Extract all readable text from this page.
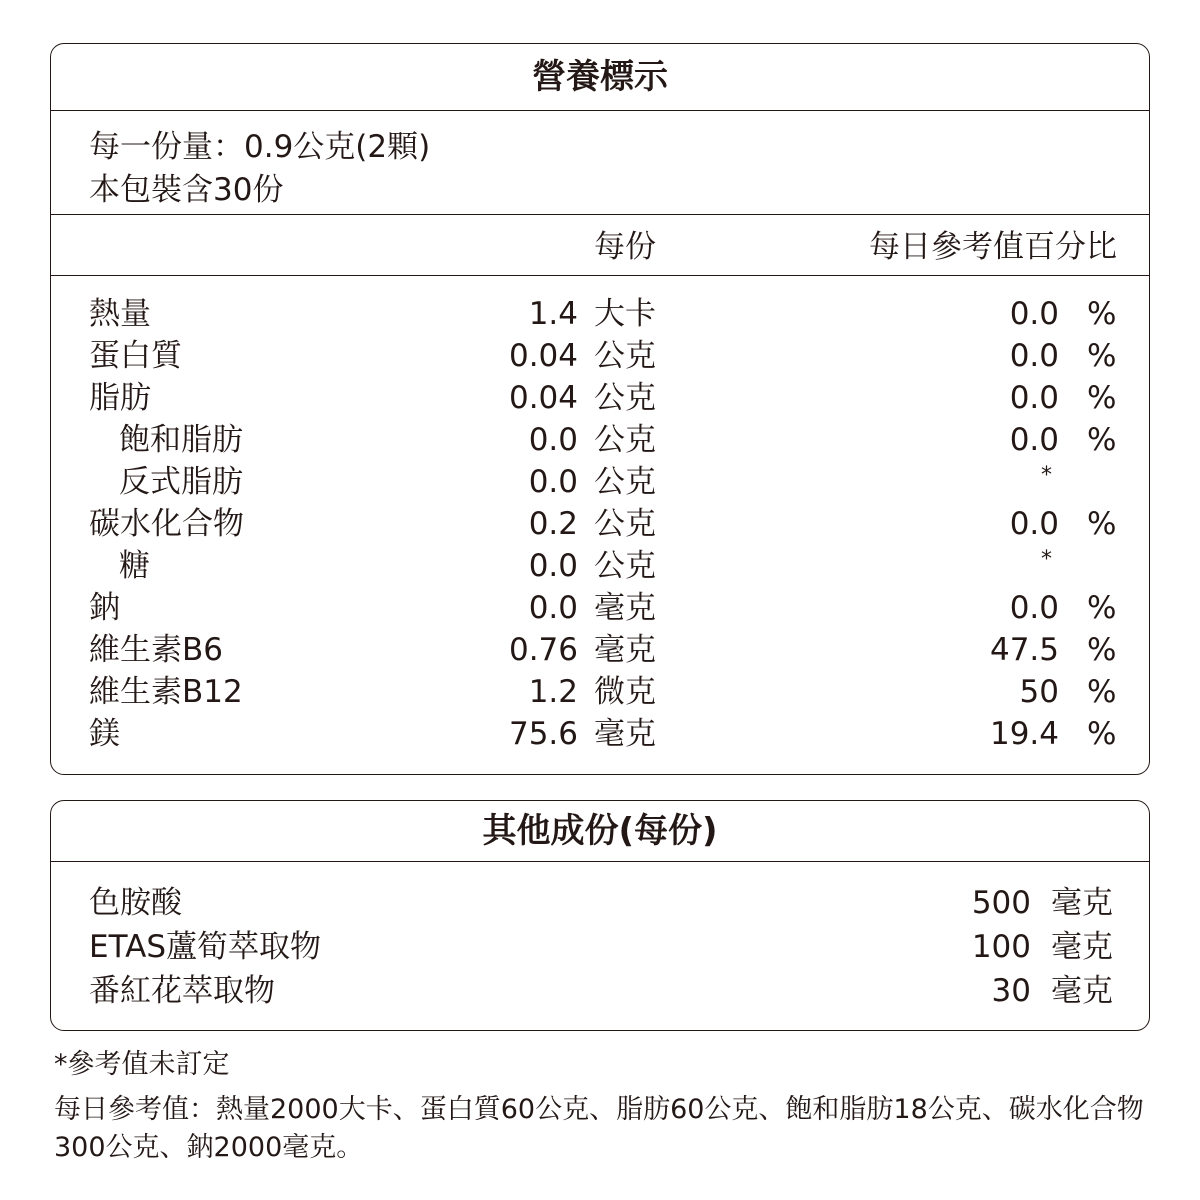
營養標示
每一份量：0.9公克(2顆)
本包裝含30份
每份	每日參考值百分比
熱量	1.4 大卡	0.0 %
蛋白質	0.04 公克	0.0 %
脂肪	0.04 公克	0.0 %
飽和脂肪	0.0 公克	0.0 %
反式脂肪	0.0 公克	*
碳水化合物	0.2 公克	0.0 %
糖	0.0 公克	*
鈉	0.0 毫克	0.0 %
維生素B6	0.76 毫克	47.5 %
維生素B12	1.2 微克	50 %
鎂	75.6 毫克	19.4 %
其他成份(每份)
色胺酸	500 毫克
ETAS蘆筍萃取物	100 毫克
番紅花萃取物	30 毫克
*參考值未訂定
每日參考值：熱量2000大卡、蛋白質60公克、脂肪60公克、飽和脂肪18公克、碳水化合物
300公克、鈉2000毫克。
